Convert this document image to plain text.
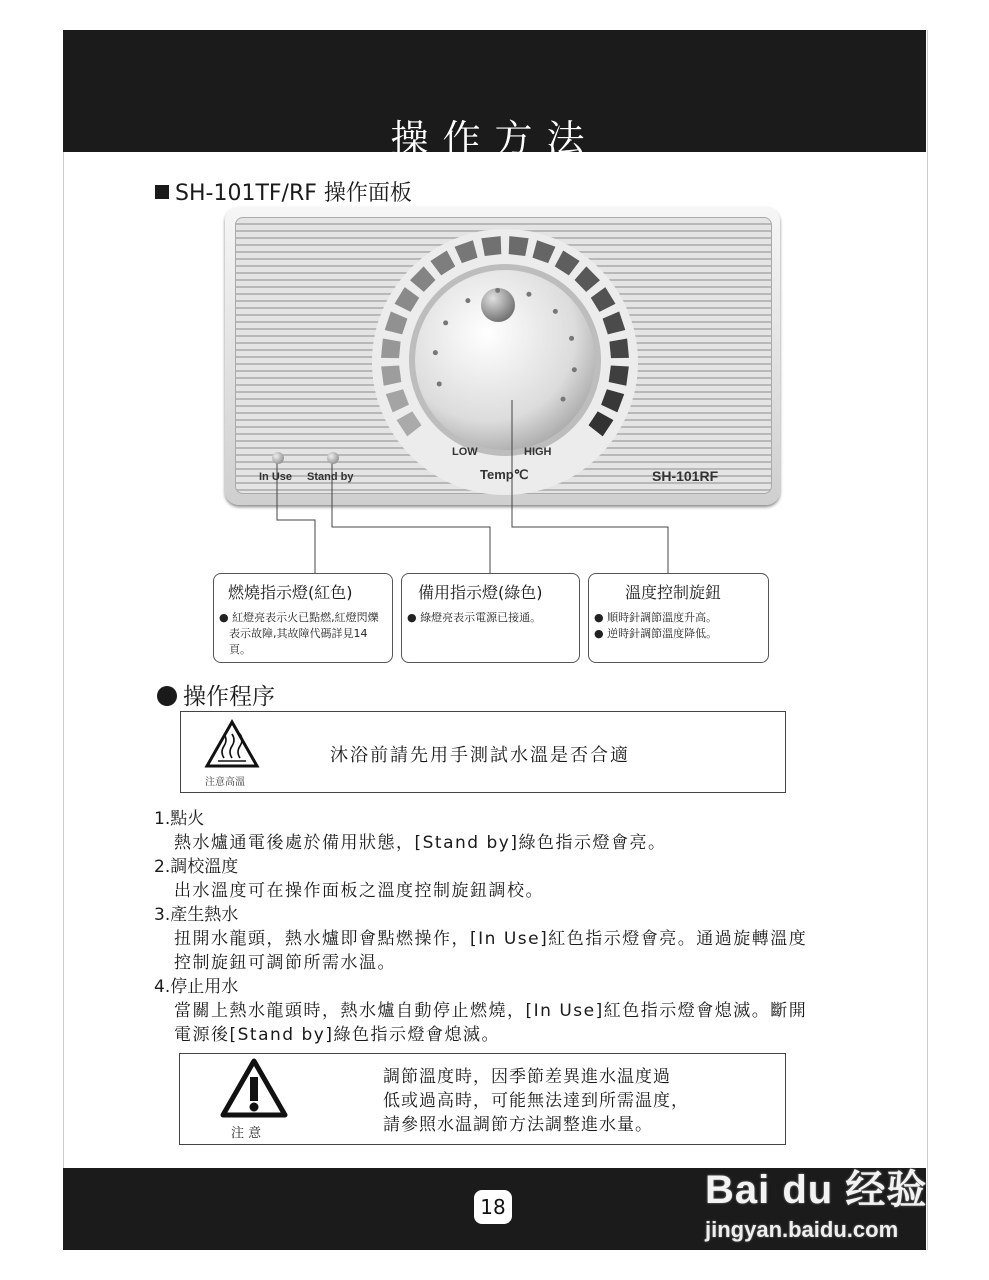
操作方法
SH-101TF/RF 操作面板
In Use Stand by
LOW	HIGH
Temp℃	SH-101RF
燃燒指示燈(紅色)
● 紅燈亮表示火已點燃,紅燈閃爍表示故障,其故障代碼詳見14頁。
備用指示燈(綠色)
● 綠燈亮表示電源已接通。
溫度控制旋鈕
● 順時針調節溫度升高。
● 逆時針調節溫度降低。
操作程序
注意高溫
沐浴前請先用手測試水溫是否合適
1.點火
熱水爐通電後處於備用狀態，[Stand by]綠色指示燈會亮。
2.調校溫度
出水溫度可在操作面板之溫度控制旋鈕調校。
3.產生熱水
扭開水龍頭，熱水爐即會點燃操作，[In Use]紅色指示燈會亮。通過旋轉溫度控制旋鈕可調節所需水温。
4.停止用水
當關上熱水龍頭時，熱水爐自動停止燃燒，[In Use]紅色指示燈會熄滅。斷開電源後[Stand by]綠色指示燈會熄滅。
注 意
調節溫度時，因季節差異進水温度過
低或過高時，可能無法達到所需温度，
請參照水温調節方法調整進水量。
18	Bai du 经验
jingyan.baidu.com
